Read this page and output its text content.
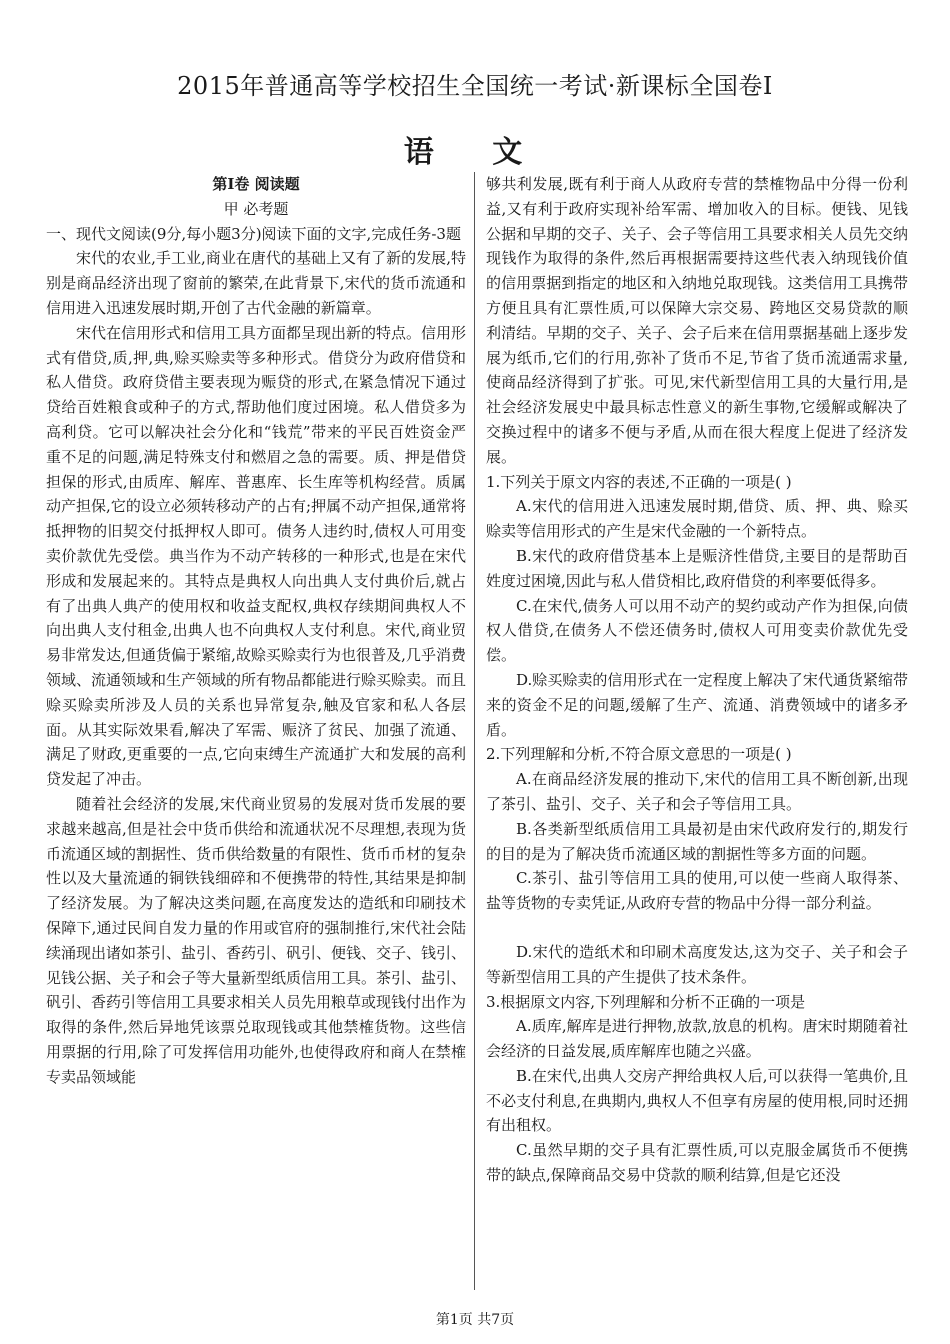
2015年普通高等学校招生全国统一考试·新课标全国卷Ⅰ
语 文

第Ⅰ卷 阅读题

甲 必考题

一、现代文阅读(9分,每小题3分)阅读下面的文字,完成任务-3题

宋代的农业,手工业,商业在唐代的基础上又有了新的发展,特别是商品经济出现了窗前的繁荣,在此背景下,宋代的货币流通和信用进入迅速发展时期,开创了古代金融的新篇章。

宋代在信用形式和信用工具方面都呈现出新的特点。信用形式有借贷,质,押,典,赊买赊卖等多种形式。借贷分为政府借贷和私人借贷。政府贷借主要表现为赈贷的形式,在紧急情况下通过贷给百姓粮食或种子的方式,帮助他们度过困境。私人借贷多为高利贷。它可以解决社会分化和“钱荒”带来的平民百姓资金严重不足的问题,满足特殊支付和燃眉之急的需要。质、押是借贷担保的形式,由质库、解库、普惠库、长生库等机构经营。质属动产担保,它的设立必须转移动产的占有;押属不动产担保,通常将抵押物的旧契交付抵押权人即可。债务人违约时,债权人可用变卖价款优先受偿。典当作为不动产转移的一种形式,也是在宋代形成和发展起来的。其特点是典权人向出典人支付典价后,就占有了出典人典产的使用权和收益支配权,典权存续期间典权人不向出典人支付租金,出典人也不向典权人支付利息。宋代,商业贸易非常发达,但通货偏于紧缩,故赊买赊卖行为也很普及,几乎消费领域、流通领域和生产领域的所有物品都能进行赊买赊卖。而且赊买赊卖所涉及人员的关系也异常复杂,触及官家和私人各层面。从其实际效果看,解决了军需、赈济了贫民、加强了流通、满足了财政,更重要的一点,它向束缚生产流通扩大和发展的高利贷发起了冲击。

随着社会经济的发展,宋代商业贸易的发展对货币发展的要求越来越高,但是社会中货币供给和流通状况不尽理想,表现为货币流通区域的割据性、货币供给数量的有限性、货币币材的复杂性以及大量流通的铜铁钱细碎和不便携带的特性,其结果是抑制了经济发展。为了解决这类问题,在高度发达的造纸和印刷技术保障下,通过民间自发力量的作用或官府的强制推行,宋代社会陆续涌现出诸如茶引、盐引、香药引、矾引、便钱、交子、钱引、见钱公据、关子和会子等大量新型纸质信用工具。茶引、盐引、矾引、香药引等信用工具要求相关人员先用粮草或现钱付出作为取得的条件,然后异地凭该票兑取现钱或其他禁榷货物。这些信用票据的行用,除了可发挥信用功能外,也使得政府和商人在禁榷专卖品领域能

够共利发展,既有利于商人从政府专营的禁榷物品中分得一份利益,又有利于政府实现补给军需、增加收入的目标。便钱、见钱公据和早期的交子、关子、会子等信用工具要求相关人员先交纳现钱作为取得的条件,然后再根据需要持这些代表入纳现钱价值的信用票据到指定的地区和入纳地兑取现钱。这类信用工具携带方便且具有汇票性质,可以保障大宗交易、跨地区交易贷款的顺利清结。早期的交子、关子、会子后来在信用票据基础上逐步发展为纸币,它们的行用,弥补了货币不足,节省了货币流通需求量,使商品经济得到了扩张。可见,宋代新型信用工具的大量行用,是社会经济发展史中最具标志性意义的新生事物,它缓解或解决了交换过程中的诸多不便与矛盾,从而在很大程度上促进了经济发展。

1.下列关于原文内容的表述,不正确的一项是( )

A.宋代的信用进入迅速发展时期,借贷、质、押、典、赊买赊卖等信用形式的产生是宋代金融的一个新特点。

B.宋代的政府借贷基本上是赈济性借贷,主要目的是帮助百姓度过困境,因此与私人借贷相比,政府借贷的利率要低得多。

C.在宋代,债务人可以用不动产的契约或动产作为担保,向债权人借贷,在债务人不偿还债务时,债权人可用变卖价款优先受偿。

D.赊买赊卖的信用形式在一定程度上解决了宋代通货紧缩带来的资金不足的问题,缓解了生产、流通、消费领域中的诸多矛盾。

2.下列理解和分析,不符合原文意思的一项是( )

A.在商品经济发展的推动下,宋代的信用工具不断创新,出现了茶引、盐引、交子、关子和会子等信用工具。

B.各类新型纸质信用工具最初是由宋代政府发行的,期发行的目的是为了解决货币流通区域的割据性等多方面的问题。

C.茶引、盐引等信用工具的使用,可以使一些商人取得茶、盐等货物的专卖凭证,从政府专营的物品中分得一部分利益。

D.宋代的造纸术和印刷术高度发达,这为交子、关子和会子等新型信用工具的产生提供了技术条件。

3.根据原文内容,下列理解和分析不正确的一项是

A.质库,解库是进行押物,放款,放息的机构。唐宋时期随着社会经济的日益发展,质库解库也随之兴盛。

B.在宋代,出典人交房产押给典权人后,可以获得一笔典价,且不必支付利息,在典期内,典权人不但享有房屋的使用根,同时还拥有出租权。

C.虽然早期的交子具有汇票性质,可以克服金属货币不便携带的缺点,保障商品交易中贷款的顺利结算,但是它还没

第1页 共7页
